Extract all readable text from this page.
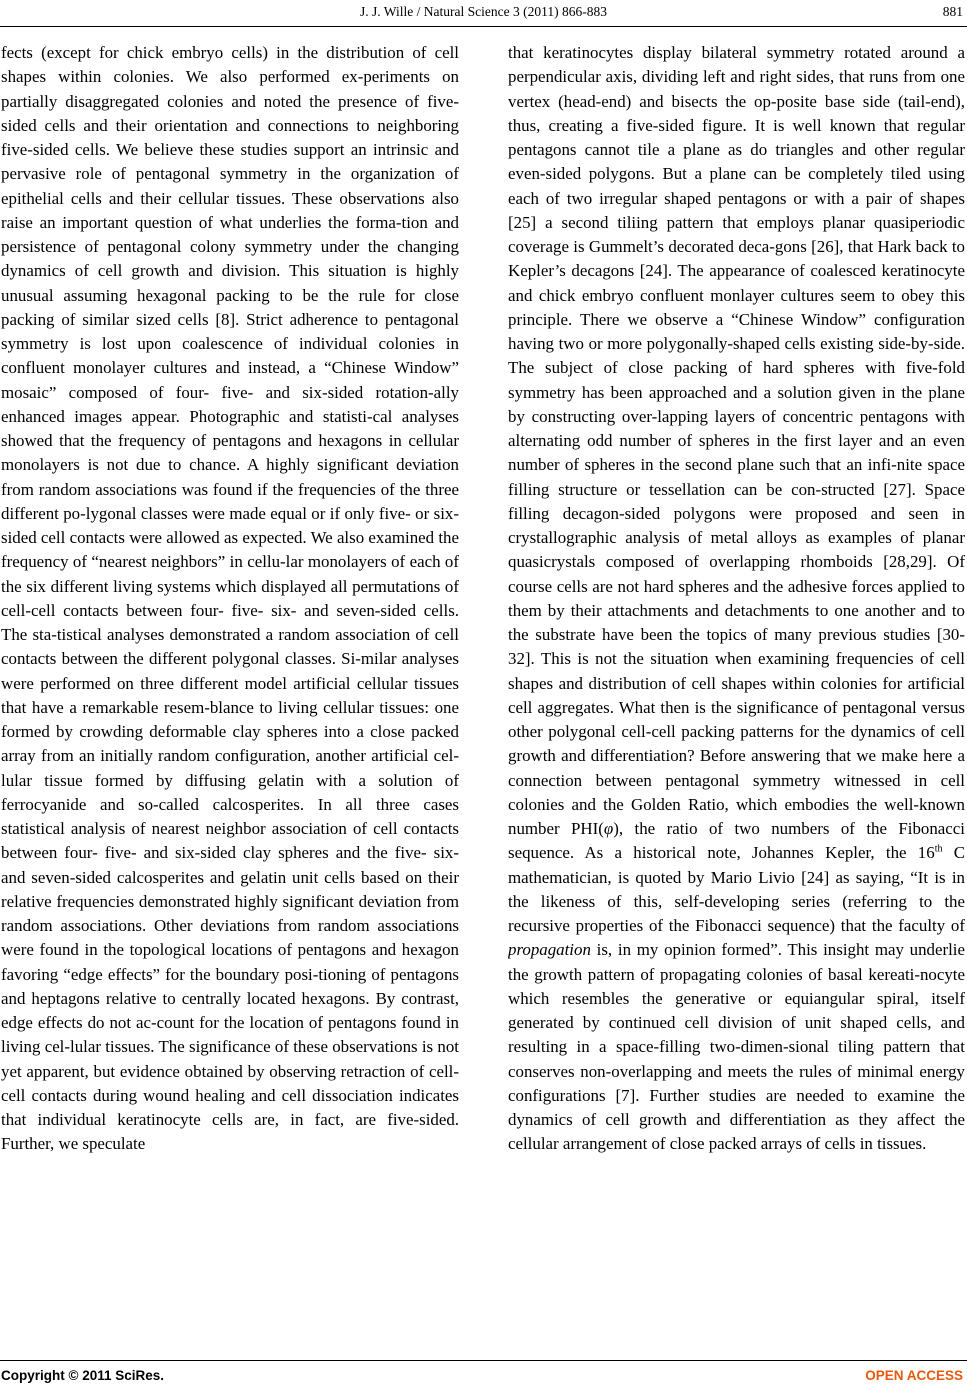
J. J. Wille / Natural Science 3 (2011) 866-883	881

fects (except for chick embryo cells) in the distribution of cell shapes within colonies. We also performed ex-periments on partially disaggregated colonies and noted the presence of five-sided cells and their orientation and connections to neighboring five-sided cells. We believe these studies support an intrinsic and pervasive role of pentagonal symmetry in the organization of epithelial cells and their cellular tissues. These observations also raise an important question of what underlies the forma-tion and persistence of pentagonal colony symmetry under the changing dynamics of cell growth and division. This situation is highly unusual assuming hexagonal packing to be the rule for close packing of similar sized cells [8]. Strict adherence to pentagonal symmetry is lost upon coalescence of individual colonies in confluent monolayer cultures and instead, a “Chinese Window” mosaic” composed of four- five- and six-sided rotation-ally enhanced images appear. Photographic and statisti-cal analyses showed that the frequency of pentagons and hexagons in cellular monolayers is not due to chance. A highly significant deviation from random associations was found if the frequencies of the three different po-lygonal classes were made equal or if only five- or six-sided cell contacts were allowed as expected. We also examined the frequency of “nearest neighbors” in cellu-lar monolayers of each of the six different living systems which displayed all permutations of cell-cell contacts between four- five- six- and seven-sided cells. The sta-tistical analyses demonstrated a random association of cell contacts between the different polygonal classes. Si-milar analyses were performed on three different model artificial cellular tissues that have a remarkable resem-blance to living cellular tissues: one formed by crowding deformable clay spheres into a close packed array from an initially random configuration, another artificial cel-lular tissue formed by diffusing gelatin with a solution of ferrocyanide and so-called calcosperites. In all three cases statistical analysis of nearest neighbor association of cell contacts between four- five- and six-sided clay spheres and the five- six- and seven-sided calcosperites and gelatin unit cells based on their relative frequencies demonstrated highly significant deviation from random associations. Other deviations from random associations were found in the topological locations of pentagons and hexagon favoring “edge effects” for the boundary posi-tioning of pentagons and heptagons relative to centrally located hexagons. By contrast, edge effects do not ac-count for the location of pentagons found in living cel-lular tissues. The significance of these observations is not yet apparent, but evidence obtained by observing retraction of cell-cell contacts during wound healing and cell dissociation indicates that individual keratinocyte cells are, in fact, are five-sided. Further, we speculate

that keratinocytes display bilateral symmetry rotated around a perpendicular axis, dividing left and right sides, that runs from one vertex (head-end) and bisects the op-posite base side (tail-end), thus, creating a five-sided figure. It is well known that regular pentagons cannot tile a plane as do triangles and other regular even-sided polygons. But a plane can be completely tiled using each of two irregular shaped pentagons or with a pair of shapes [25] a second tiliing pattern that employs planar quasiperiodic coverage is Gummelt’s decorated deca-gons [26], that Hark back to Kepler’s decagons [24]. The appearance of coalesced keratinocyte and chick embryo confluent monlayer cultures seem to obey this principle. There we observe a “Chinese Window” configuration having two or more polygonally-shaped cells existing side-by-side. The subject of close packing of hard spheres with five-fold symmetry has been approached and a solution given in the plane by constructing over-lapping layers of concentric pentagons with alternating odd number of spheres in the first layer and an even number of spheres in the second plane such that an infi-nite space filling structure or tessellation can be con-structed [27]. Space filling decagon-sided polygons were proposed and seen in crystallographic analysis of metal alloys as examples of planar quasicrystals composed of overlapping rhomboids [28,29]. Of course cells are not hard spheres and the adhesive forces applied to them by their attachments and detachments to one another and to the substrate have been the topics of many previous studies [30-32]. This is not the situation when examining frequencies of cell shapes and distribution of cell shapes within colonies for artificial cell aggregates. What then is the significance of pentagonal versus other polygonal cell-cell packing patterns for the dynamics of cell growth and differentiation? Before answering that we make here a connection between pentagonal symmetry witnessed in cell colonies and the Golden Ratio, which embodies the well-known number PHI(φ), the ratio of two numbers of the Fibonacci sequence. As a historical note, Johannes Kepler, the 16th C mathematician, is quoted by Mario Livio [24] as saying, “It is in the likeness of this, self-developing series (referring to the recursive properties of the Fibonacci sequence) that the faculty of propagation is, in my opinion formed”. This insight may underlie the growth pattern of propagating colonies of basal kereati-nocyte which resembles the generative or equiangular spiral, itself generated by continued cell division of unit shaped cells, and resulting in a space-filling two-dimen-sional tiling pattern that conserves non-overlapping and meets the rules of minimal energy configurations [7]. Further studies are needed to examine the dynamics of cell growth and differentiation as they affect the cellular arrangement of close packed arrays of cells in tissues.

Copyright © 2011 SciRes.	OPEN ACCESS
